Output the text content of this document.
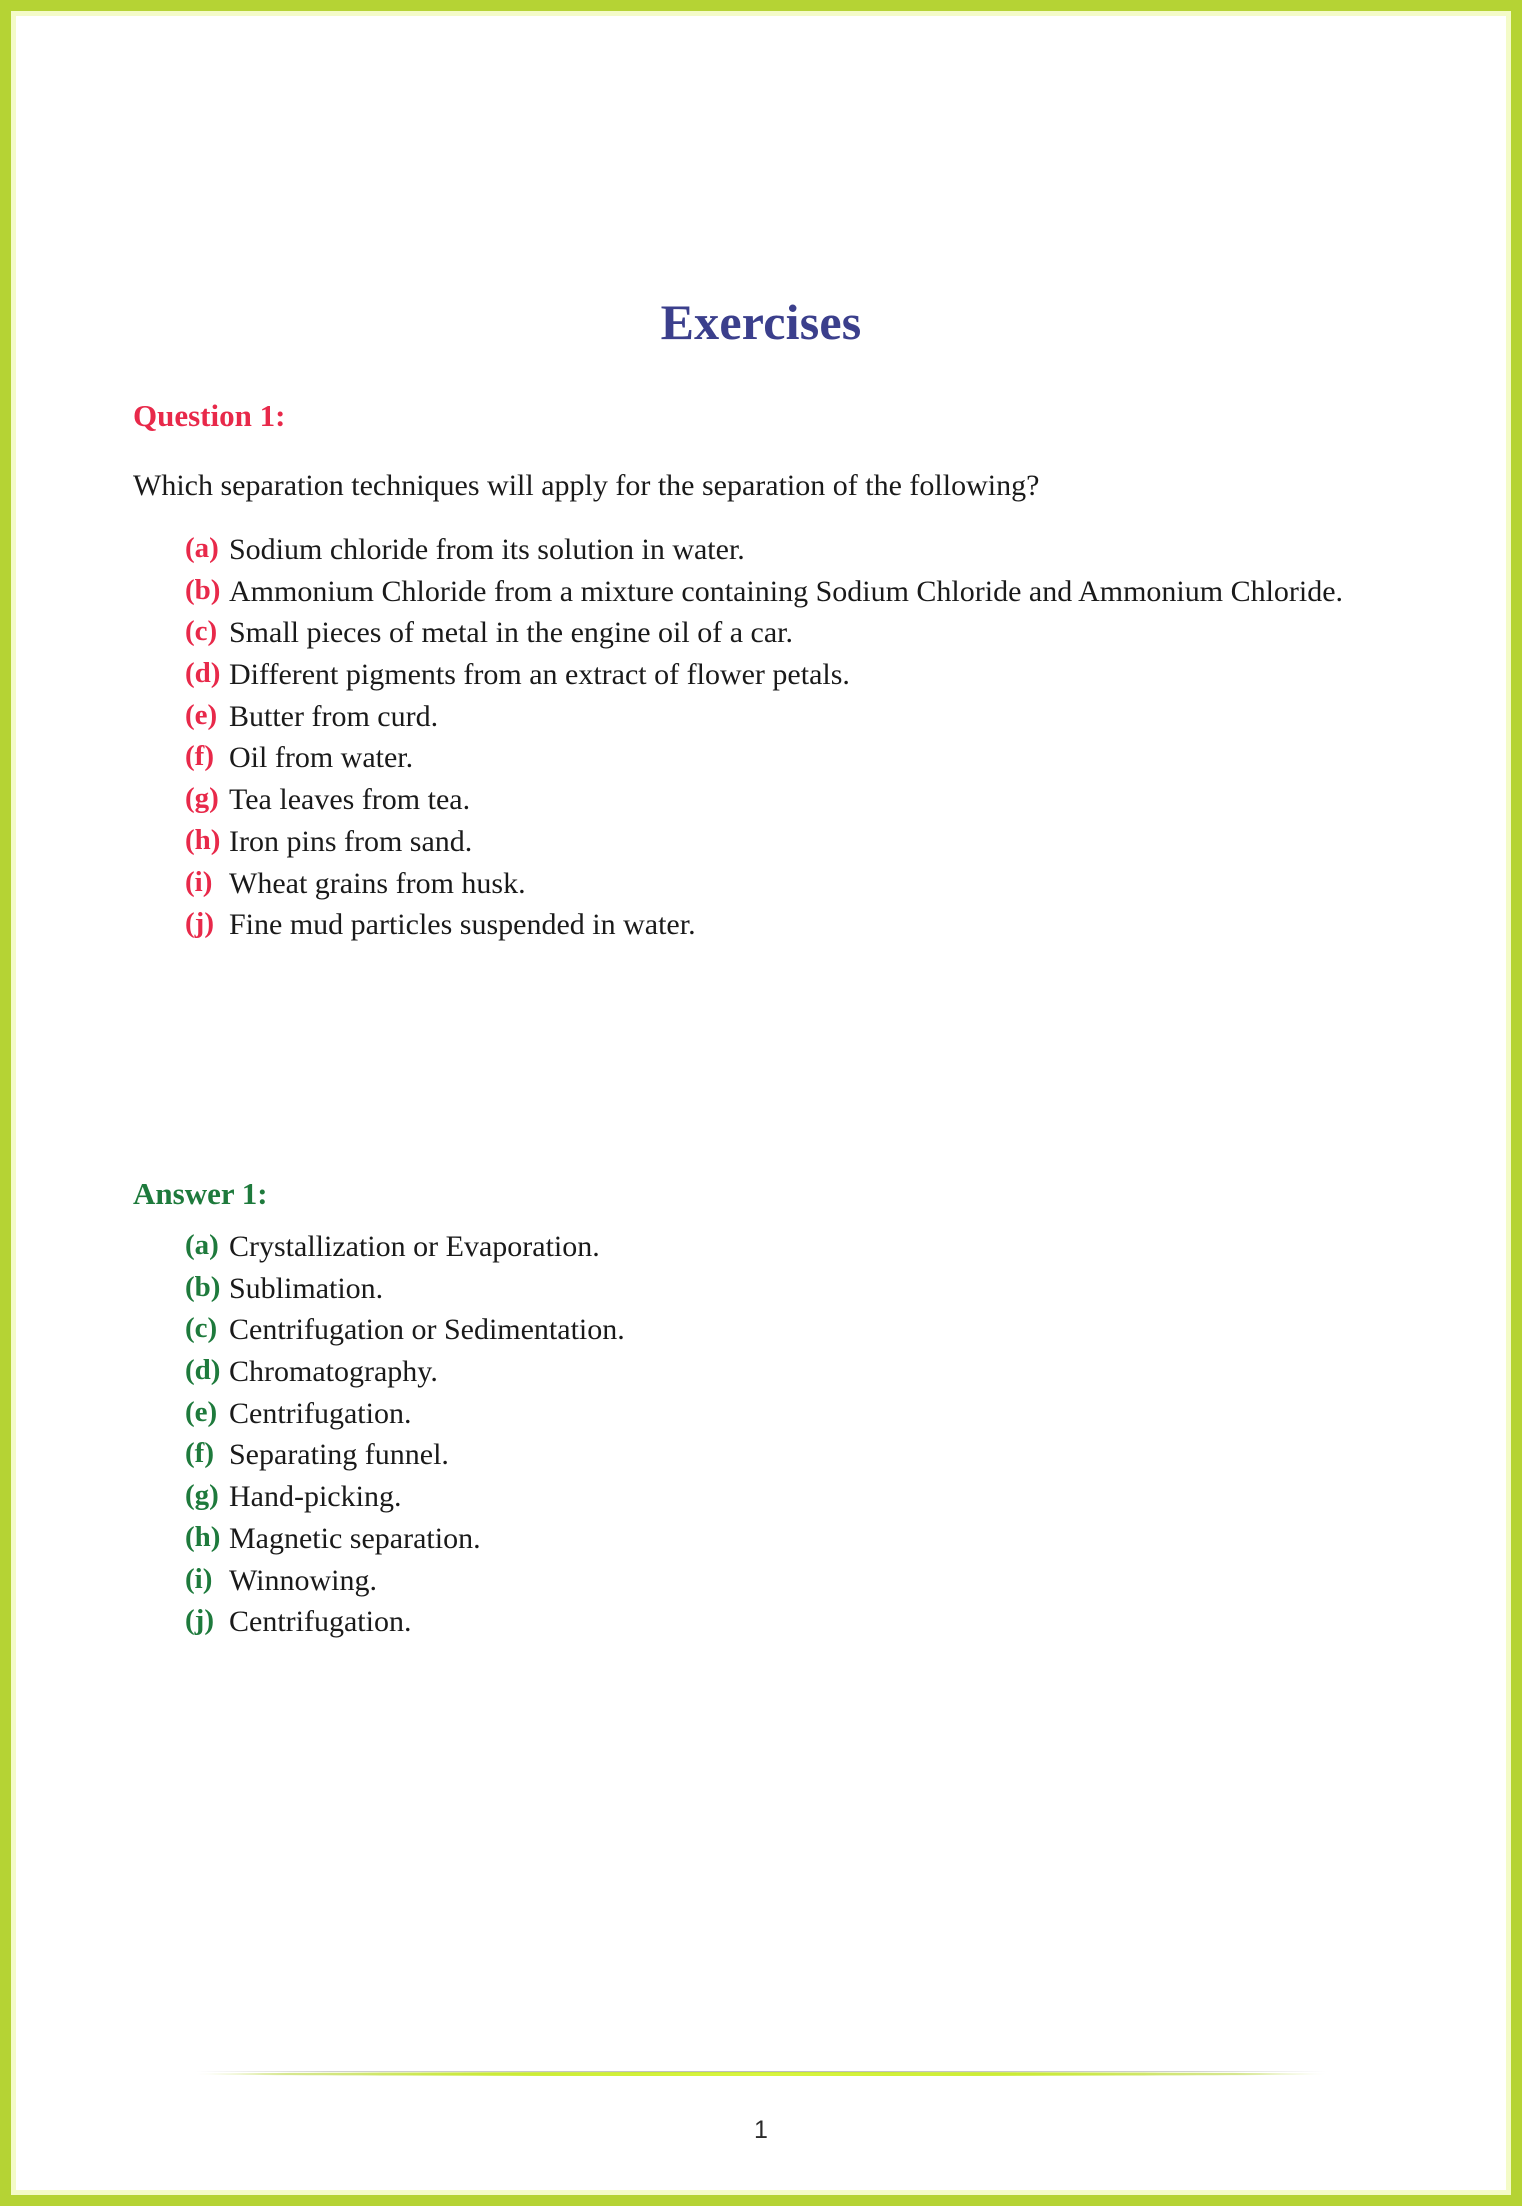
Exercises
Question 1:

Which separation techniques will apply for the separation of the following?

(a) Sodium chloride from its solution in water.
(b) Ammonium Chloride from a mixture containing Sodium Chloride and Ammonium Chloride.
(c) Small pieces of metal in the engine oil of a car.
(d) Different pigments from an extract of flower petals.
(e) Butter from curd.
(f) Oil from water.
(g) Tea leaves from tea.
(h) Iron pins from sand.
(i) Wheat grains from husk.
(j) Fine mud particles suspended in water.
Answer 1:
(a) Crystallization or Evaporation.
(b) Sublimation.
(c) Centrifugation or Sedimentation.
(d) Chromatography.
(e) Centrifugation.
(f) Separating funnel.
(g) Hand-picking.
(h) Magnetic separation.
(i) Winnowing.
(j) Centrifugation.
1
